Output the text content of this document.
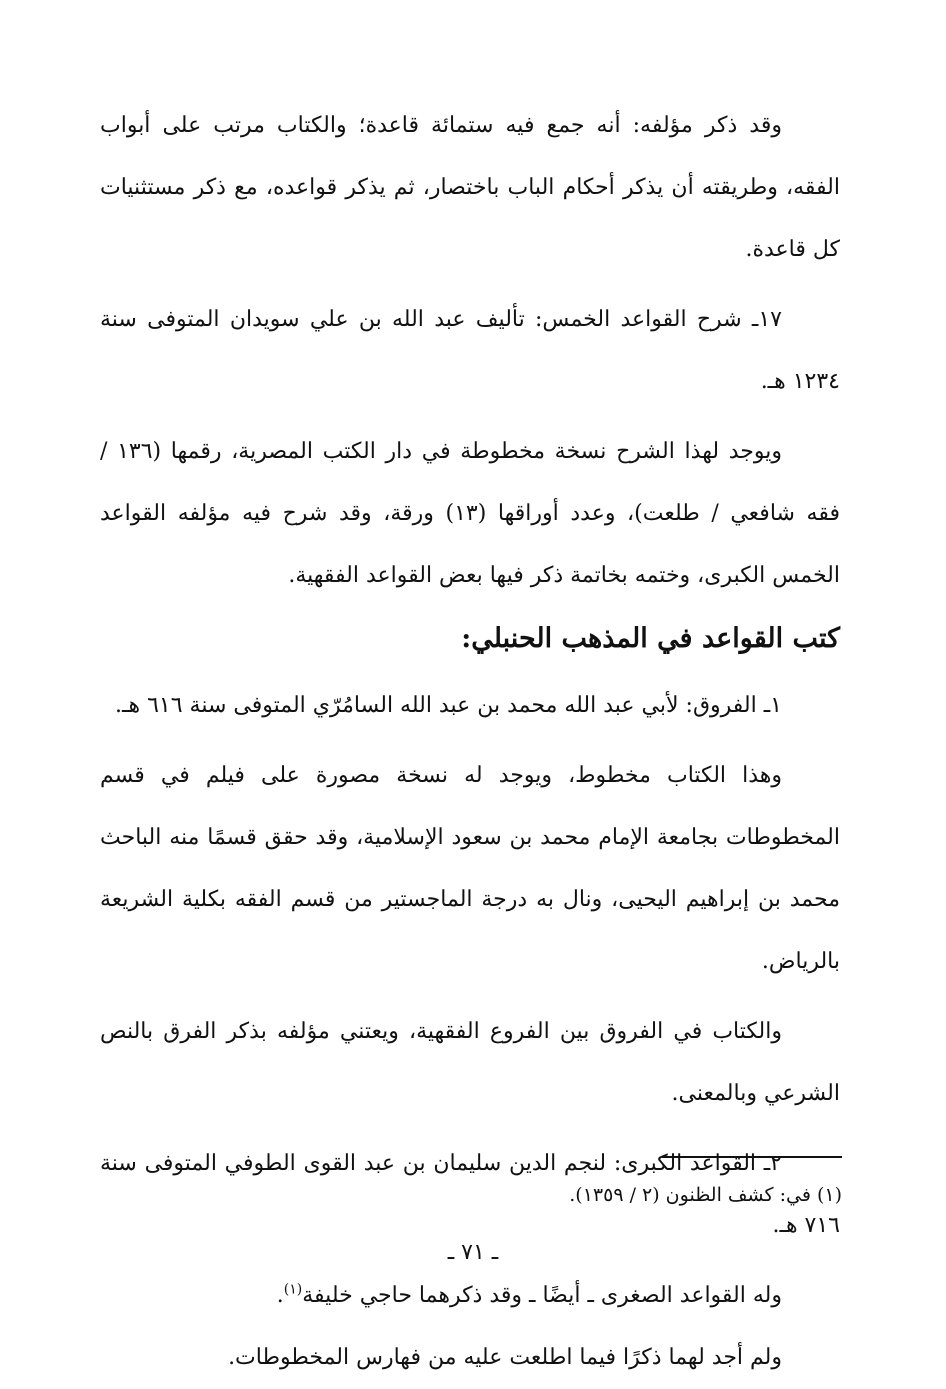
وقد ذكر مؤلفه: أنه جمع فيه ستمائة قاعدة؛ والكتاب مرتب على أبواب الفقه، وطريقته أن يذكر أحكام الباب باختصار، ثم يذكر قواعده، مع ذكر مستثنيات كل قاعدة.

١٧ـ شرح القواعد الخمس: تأليف عبد الله بن علي سويدان المتوفى سنة ١٢٣٤ هـ.

ويوجد لهذا الشرح نسخة مخطوطة في دار الكتب المصرية، رقمها (١٣٦ / فقه شافعي / طلعت)، وعدد أوراقها (١٣) ورقة، وقد شرح فيه مؤلفه القواعد الخمس الكبرى، وختمه بخاتمة ذكر فيها بعض القواعد الفقهية.

كتب القواعد في المذهب الحنبلي:

١ـ الفروق: لأبي عبد الله محمد بن عبد الله السامُرّي المتوفى سنة ٦١٦ هـ.

وهذا الكتاب مخطوط، ويوجد له نسخة مصورة على فيلم في قسم المخطوطات بجامعة الإمام محمد بن سعود الإسلامية، وقد حقق قسمًا منه الباحث محمد بن إبراهيم اليحيى، ونال به درجة الماجستير من قسم الفقه بكلية الشريعة بالرياض.

والكتاب في الفروق بين الفروع الفقهية، ويعتني مؤلفه بذكر الفرق بالنص الشرعي وبالمعنى.

٢ـ القواعد الكبرى: لنجم الدين سليمان بن عبد القوى الطوفي المتوفى سنة ٧١٦ هـ.

وله القواعد الصغرى ـ أيضًا ـ وقد ذكرهما حاجي خليفة$^{(١)}$.

ولم أجد لهما ذكرًا فيما اطلعت عليه من فهارس المخطوطات.

(١) في: كشف الظنون (٢ / ١٣٥٩).

ـ ٧١ ـ
